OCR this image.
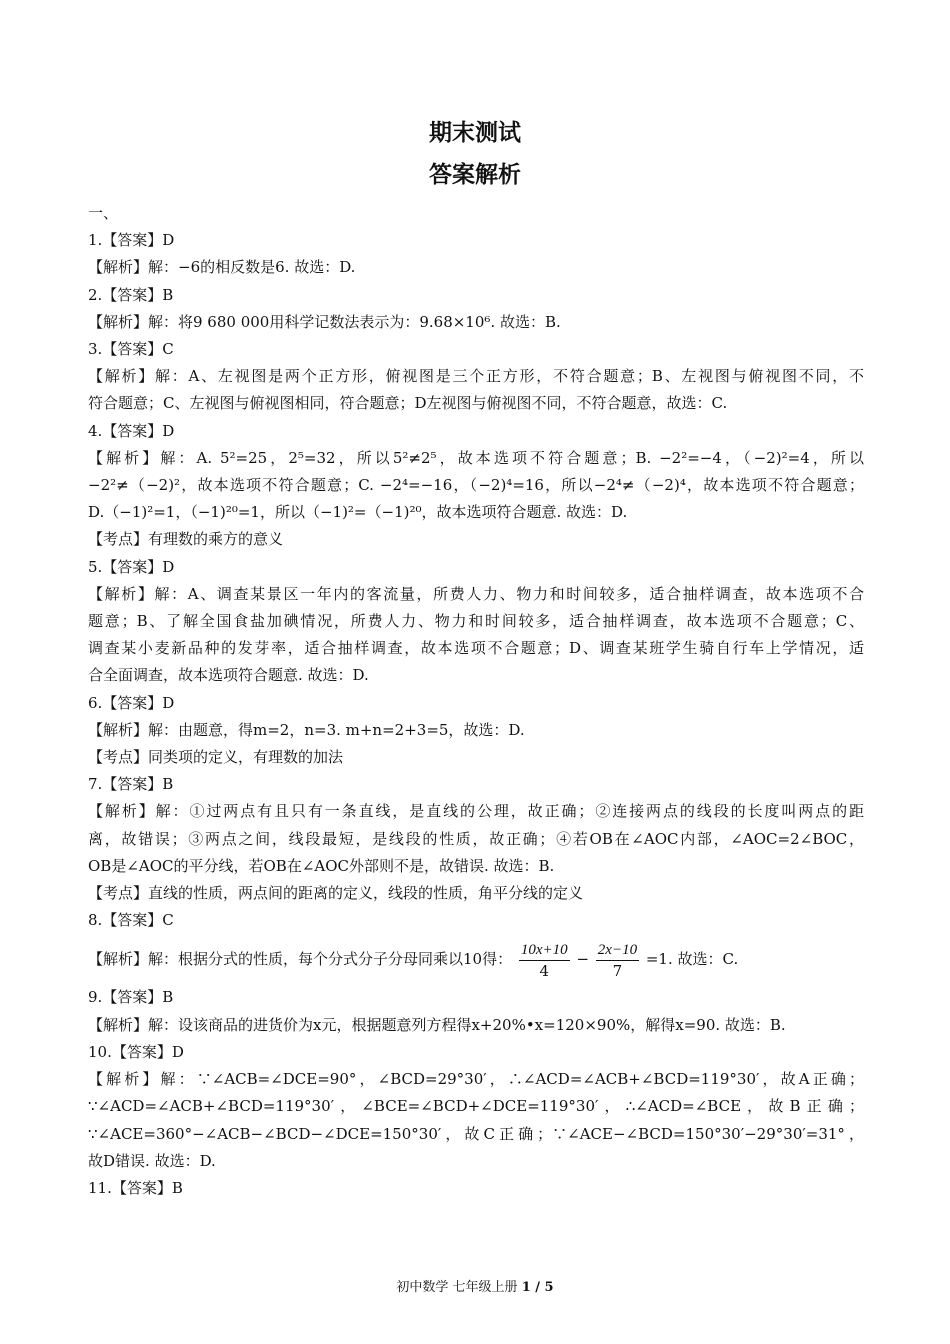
期末测试
答案解析
一、
1.【答案】D
【解析】解：−6的相反数是6. 故选：D.
2.【答案】B
【解析】解：将9 680 000用科学记数法表示为：9.68×10⁶. 故选：B.
3.【答案】C
【解析】解：A、左视图是两个正方形，俯视图是三个正方形，不符合题意；B、左视图与俯视图不同，不
符合题意；C、左视图与俯视图相同，符合题意；D左视图与俯视图不同，不符合题意，故选：C.
4.【答案】D
【解析】解：A. 5²=25，2⁵=32，所以5²≠2⁵，故本选项不符合题意；B. −2²=−4，（−2)²=4，所以
−2²≠（−2)²，故本选项不符合题意；C. −2⁴=−16，（−2)⁴=16，所以−2⁴≠（−2)⁴，故本选项不符合题意；
D.（−1)²=1，（−1)²⁰=1，所以（−1)²=（−1)²⁰，故本选项符合题意. 故选：D.
【考点】有理数的乘方的意义
5.【答案】D
【解析】解：A、调查某景区一年内的客流量，所费人力、物力和时间较多，适合抽样调查，故本选项不合
题意；B、了解全国食盐加碘情况，所费人力、物力和时间较多，适合抽样调查，故本选项不合题意；C、
调查某小麦新品种的发芽率，适合抽样调查，故本选项不合题意；D、调查某班学生骑自行车上学情况，适
合全面调查，故本选项符合题意. 故选：D.
6.【答案】D
【解析】解：由题意，得m=2，n=3. m+n=2+3=5，故选：D.
【考点】同类项的定义，有理数的加法
7.【答案】B
【解析】解：①过两点有且只有一条直线，是直线的公理，故正确；②连接两点的线段的长度叫两点的距
离，故错误；③两点之间，线段最短，是线段的性质，故正确；④若OB在∠AOC内部，∠AOC=2∠BOC，
OB是∠AOC的平分线，若OB在∠AOC外部则不是，故错误. 故选：B.
【考点】直线的性质，两点间的距离的定义，线段的性质，角平分线的定义
8.【答案】C
【解析】解：根据分式的性质，每个分式分子分母同乘以10得： $\frac{10x+10}{4} - \frac{2x-10}{7} =1$. 故选：C.
9.【答案】B
【解析】解：设该商品的进货价为x元，根据题意列方程得x+20%•x=120×90%，解得x=90. 故选：B.
10.【答案】D
【解析】解：∵∠ACB=∠DCE=90°，∠BCD=29°30′，∴∠ACD=∠ACB+∠BCD=119°30′，故A正确；
∵∠ACD=∠ACB+∠BCD=119°30′，∠BCE=∠BCD+∠DCE=119°30′，∴∠ACD=∠BCE，故B正确；
∵∠ACE=360°−∠ACB−∠BCD−∠DCE=150°30′，故C正确；∵∠ACE−∠BCD=150°30′−29°30′=31°，
故D错误. 故选：D.
11.【答案】B
初中数学 七年级上册 1 / 5
